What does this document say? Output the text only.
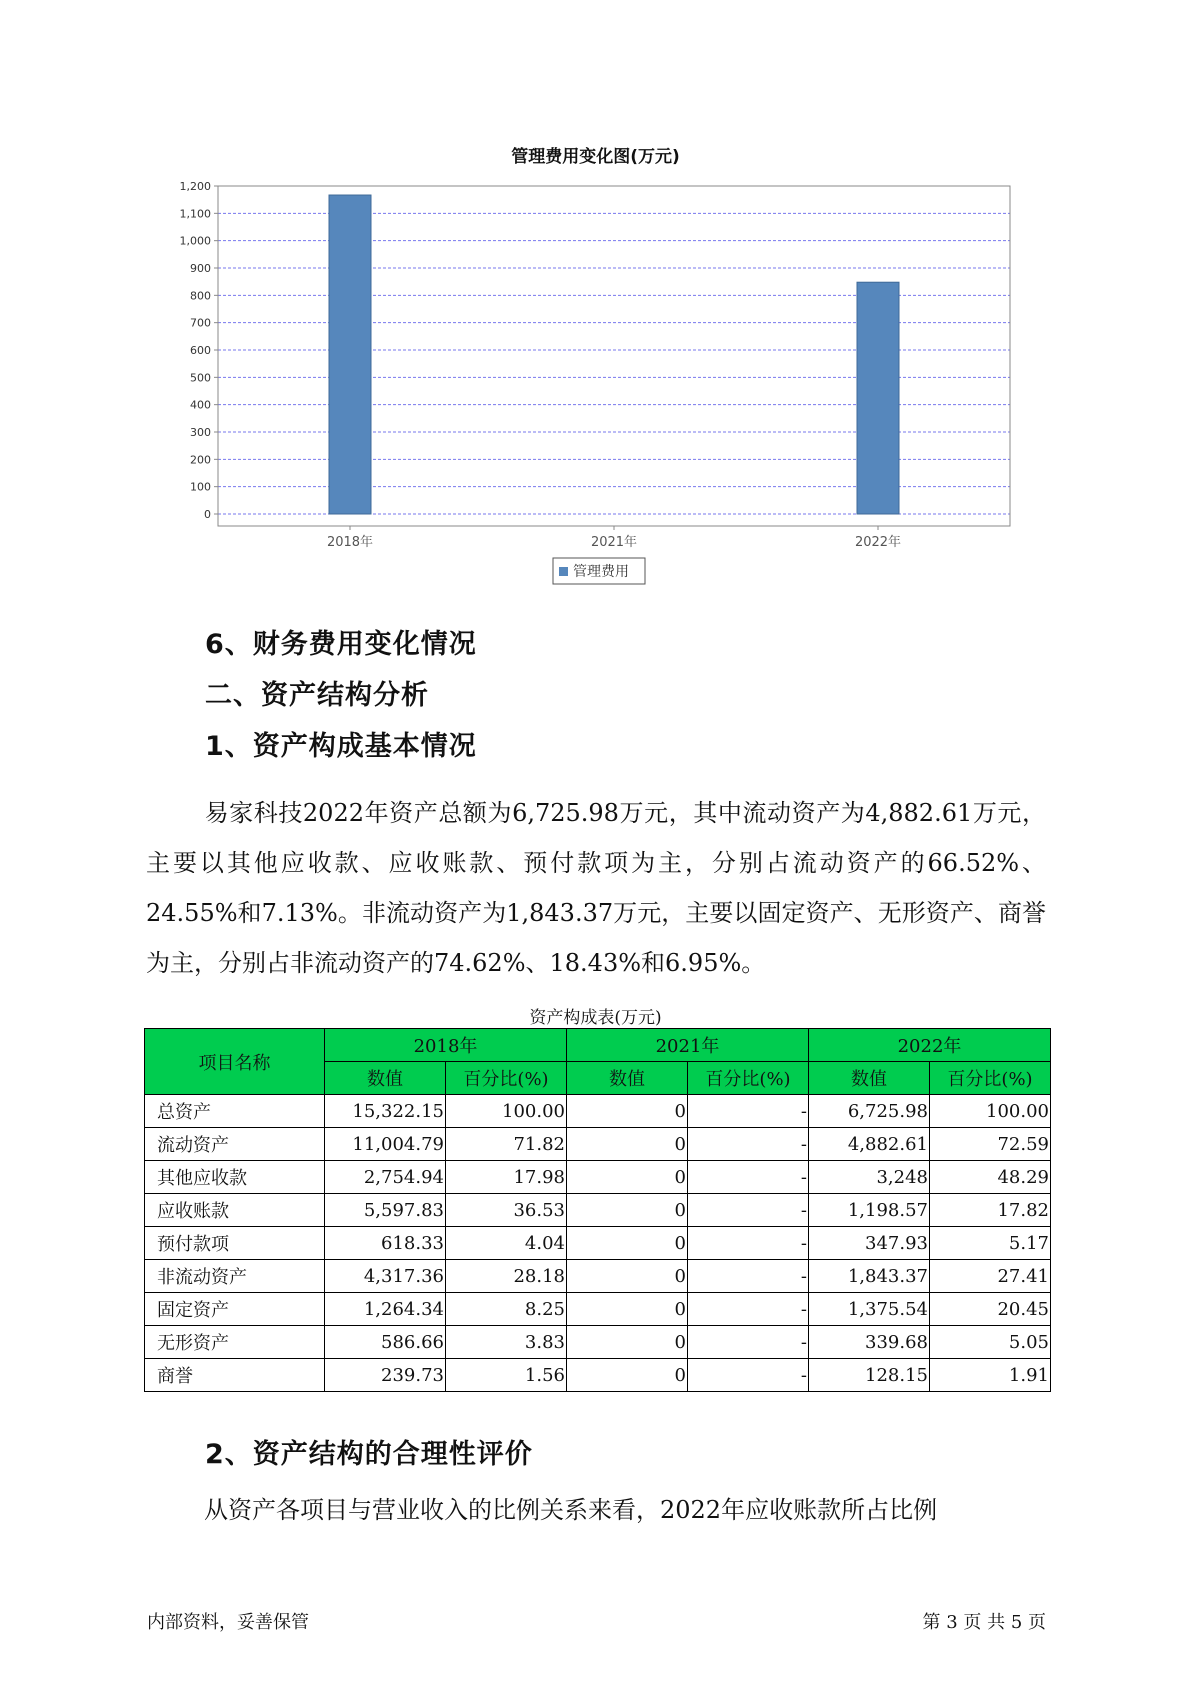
管理费用变化图(万元)
0
100
200
300
400
500
600
700
800
900
1,000
1,100
1,200
2018年	2021年	2022年
管理费用
6、财务费用变化情况
二、资产结构分析
1、资产构成基本情况

易家科技2022年资产总额为6,725.98万元，其中流动资产为4,882.61万元，主要以其他应收款、应收账款、预付款项为主，分别占流动资产的66.52%、24.55%和7.13%。非流动资产为1,843.37万元，主要以固定资产、无形资产、商誉为主，分别占非流动资产的74.62%、18.43%和6.95%。

资产构成表(万元)
项目名称	2018年		2021年		2022年	
	数值	百分比(%)	数值	百分比(%)	数值	百分比(%)
总资产	15,322.15	100.00	0	-	6,725.98	100.00
流动资产	11,004.79	71.82	0	-	4,882.61	72.59
其他应收款	2,754.94	17.98	0	-	3,248	48.29
应收账款	5,597.83	36.53	0	-	1,198.57	17.82
预付款项	618.33	4.04	0	-	347.93	5.17
非流动资产	4,317.36	28.18	0	-	1,843.37	27.41
固定资产	1,264.34	8.25	0	-	1,375.54	20.45
无形资产	586.66	3.83	0	-	339.68	5.05
商誉	239.73	1.56	0	-	128.15	1.91
2、资产结构的合理性评价

从资产各项目与营业收入的比例关系来看，2022年应收账款所占比例

内部资料，妥善保管	第 3 页 共 5 页
